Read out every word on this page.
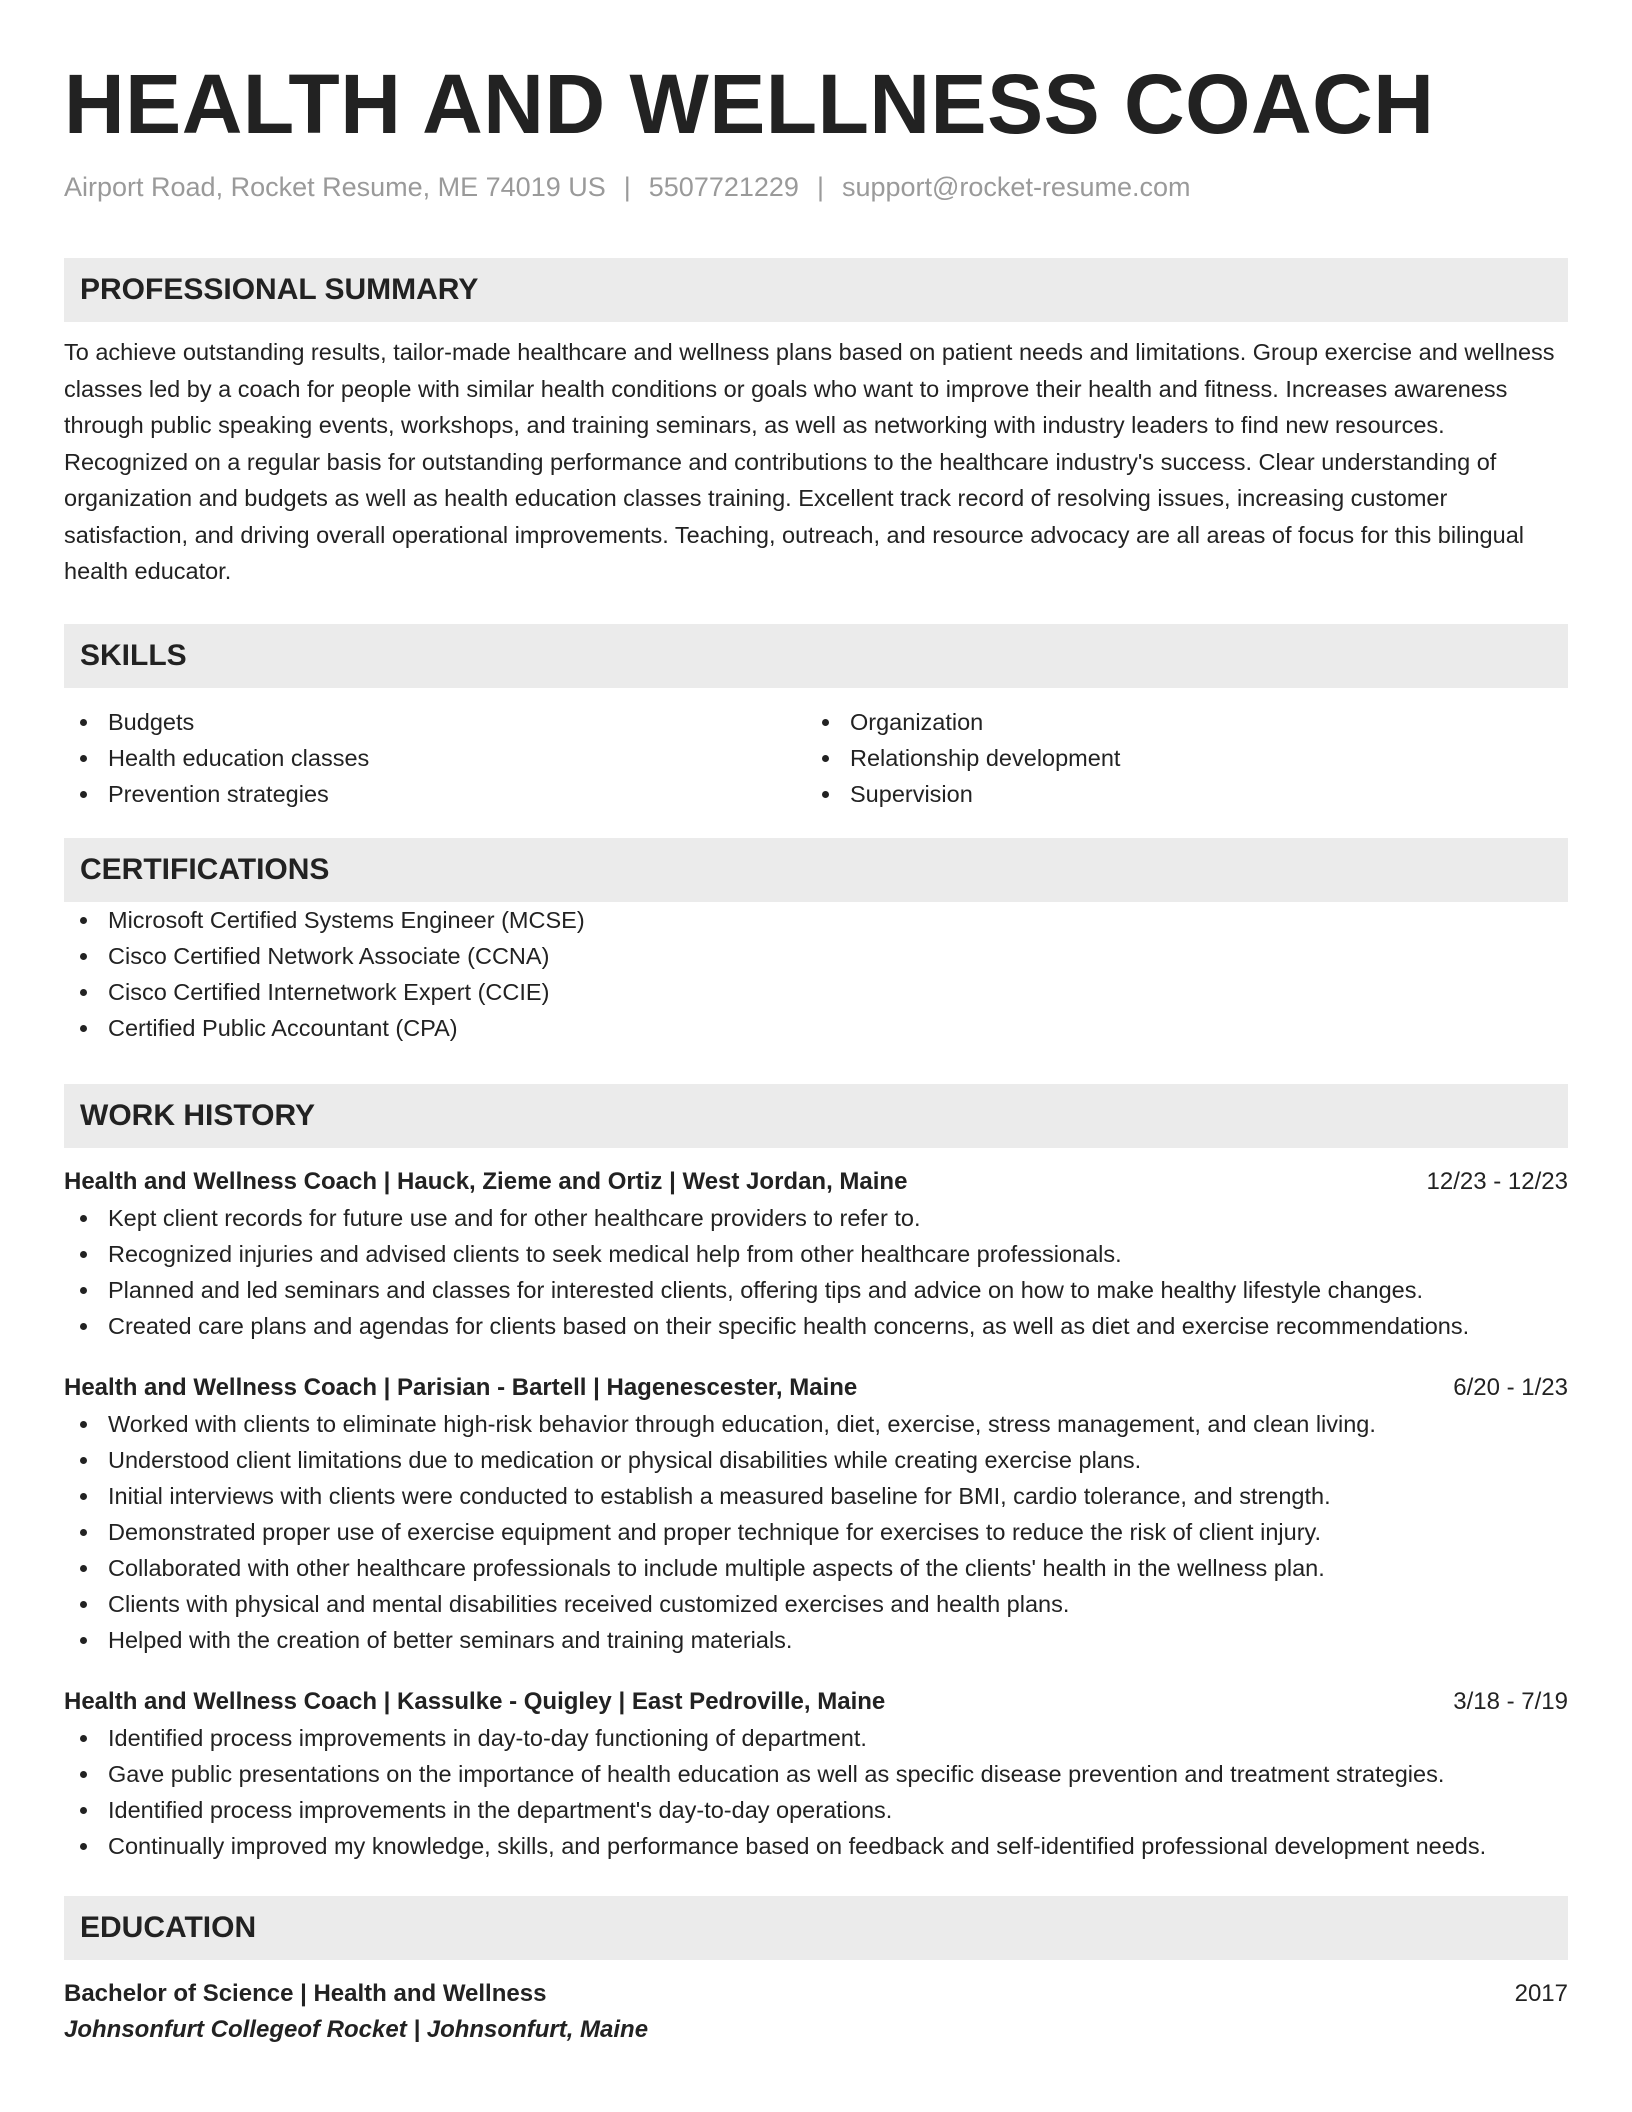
HEALTH AND WELLNESS COACH
Airport Road, Rocket Resume, ME 74019 US | 5507721229 | support@rocket-resume.com
PROFESSIONAL SUMMARY
To achieve outstanding results, tailor-made healthcare and wellness plans based on patient needs and limitations. Group exercise and wellness classes led by a coach for people with similar health conditions or goals who want to improve their health and fitness. Increases awareness through public speaking events, workshops, and training seminars, as well as networking with industry leaders to find new resources. Recognized on a regular basis for outstanding performance and contributions to the healthcare industry's success. Clear understanding of organization and budgets as well as health education classes training. Excellent track record of resolving issues, increasing customer satisfaction, and driving overall operational improvements. Teaching, outreach, and resource advocacy are all areas of focus for this bilingual health educator.
SKILLS
Budgets
Health education classes
Prevention strategies
Organization
Relationship development
Supervision
CERTIFICATIONS
Microsoft Certified Systems Engineer (MCSE)
Cisco Certified Network Associate (CCNA)
Cisco Certified Internetwork Expert (CCIE)
Certified Public Accountant (CPA)
WORK HISTORY
Health and Wellness Coach | Hauck, Zieme and Ortiz | West Jordan, Maine	12/23 - 12/23
Kept client records for future use and for other healthcare providers to refer to.
Recognized injuries and advised clients to seek medical help from other healthcare professionals.
Planned and led seminars and classes for interested clients, offering tips and advice on how to make healthy lifestyle changes.
Created care plans and agendas for clients based on their specific health concerns, as well as diet and exercise recommendations.
Health and Wellness Coach | Parisian - Bartell | Hagenescester, Maine	6/20 - 1/23
Worked with clients to eliminate high-risk behavior through education, diet, exercise, stress management, and clean living.
Understood client limitations due to medication or physical disabilities while creating exercise plans.
Initial interviews with clients were conducted to establish a measured baseline for BMI, cardio tolerance, and strength.
Demonstrated proper use of exercise equipment and proper technique for exercises to reduce the risk of client injury.
Collaborated with other healthcare professionals to include multiple aspects of the clients' health in the wellness plan.
Clients with physical and mental disabilities received customized exercises and health plans.
Helped with the creation of better seminars and training materials.
Health and Wellness Coach | Kassulke - Quigley | East Pedroville, Maine	3/18 - 7/19
Identified process improvements in day-to-day functioning of department.
Gave public presentations on the importance of health education as well as specific disease prevention and treatment strategies.
Identified process improvements in the department's day-to-day operations.
Continually improved my knowledge, skills, and performance based on feedback and self-identified professional development needs.
EDUCATION
Bachelor of Science | Health and Wellness	2017
Johnsonfurt Collegeof Rocket | Johnsonfurt, Maine
